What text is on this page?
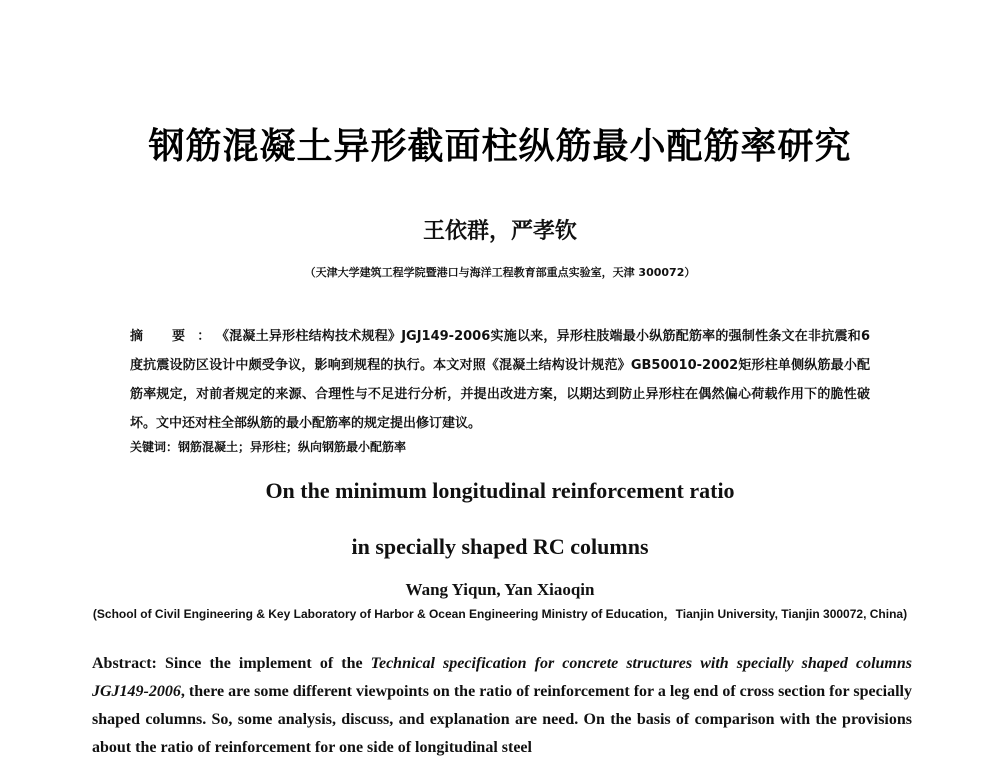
钢筋混凝土异形截面柱纵筋最小配筋率研究
王依群，严孝钦
（天津大学建筑工程学院暨港口与海洋工程教育部重点实验室，天津 300072）
摘 要：《混凝土异形柱结构技术规程》JGJ149-2006实施以来，异形柱肢端最小纵筋配筋率的强制性条文在非抗震和6度抗震设防区设计中颇受争议，影响到规程的执行。本文对照《混凝土结构设计规范》GB50010-2002矩形柱单侧纵筋最小配筋率规定，对前者规定的来源、合理性与不足进行分析，并提出改进方案，以期达到防止异形柱在偶然偏心荷载作用下的脆性破坏。文中还对柱全部纵筋的最小配筋率的规定提出修订建议。
关键词：钢筋混凝土；异形柱；纵向钢筋最小配筋率
On the minimum longitudinal reinforcement ratio
in specially shaped RC columns
Wang Yiqun, Yan Xiaoqin
(School of Civil Engineering & Key Laboratory of Harbor & Ocean Engineering Ministry of Education，Tianjin University, Tianjin 300072, China)
Abstract: Since the implement of the Technical specification for concrete structures with specially shaped columns JGJ149-2006, there are some different viewpoints on the ratio of reinforcement for a leg end of cross section for specially shaped columns. So, some analysis, discuss, and explanation are need. On the basis of comparison with the provisions about the ratio of reinforcement for one side of longitudinal steel
